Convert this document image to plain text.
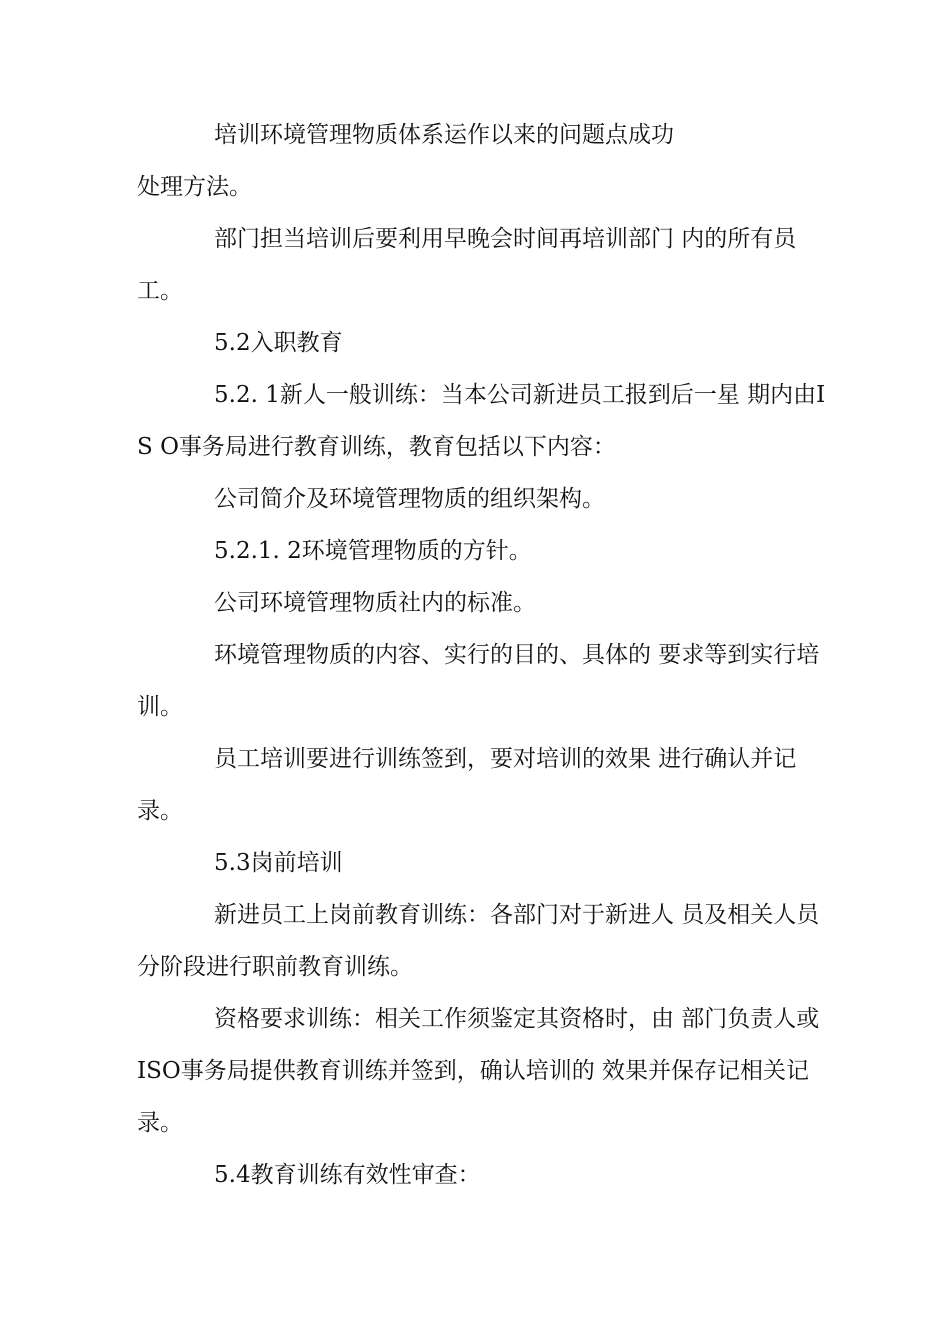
培训环境管理物质体系运作以来的问题点成功
处理方法。

部门担当培训后要利用早晚会时间再培训部门 内的所有员工。

5.2入职教育

5.2. 1新人一般训练：当本公司新进员工报到后一星 期内由IS O事务局进行教育训练，教育包括以下内容：

公司简介及环境管理物质的组织架构。

5.2.1. 2环境管理物质的方针。

公司环境管理物质社内的标准。

环境管理物质的内容、实行的目的、具体的 要求等到实行培训。

员工培训要进行训练签到，要对培训的效果 进行确认并记录。

5.3岗前培训

新进员工上岗前教育训练：各部门对于新进人 员及相关人员分阶段进行职前教育训练。

资格要求训练：相关工作须鉴定其资格时，由 部门负责人或ISO事务局提供教育训练并签到，确认培训的 效果并保存记相关记录。

5.4教育训练有效性审查：
